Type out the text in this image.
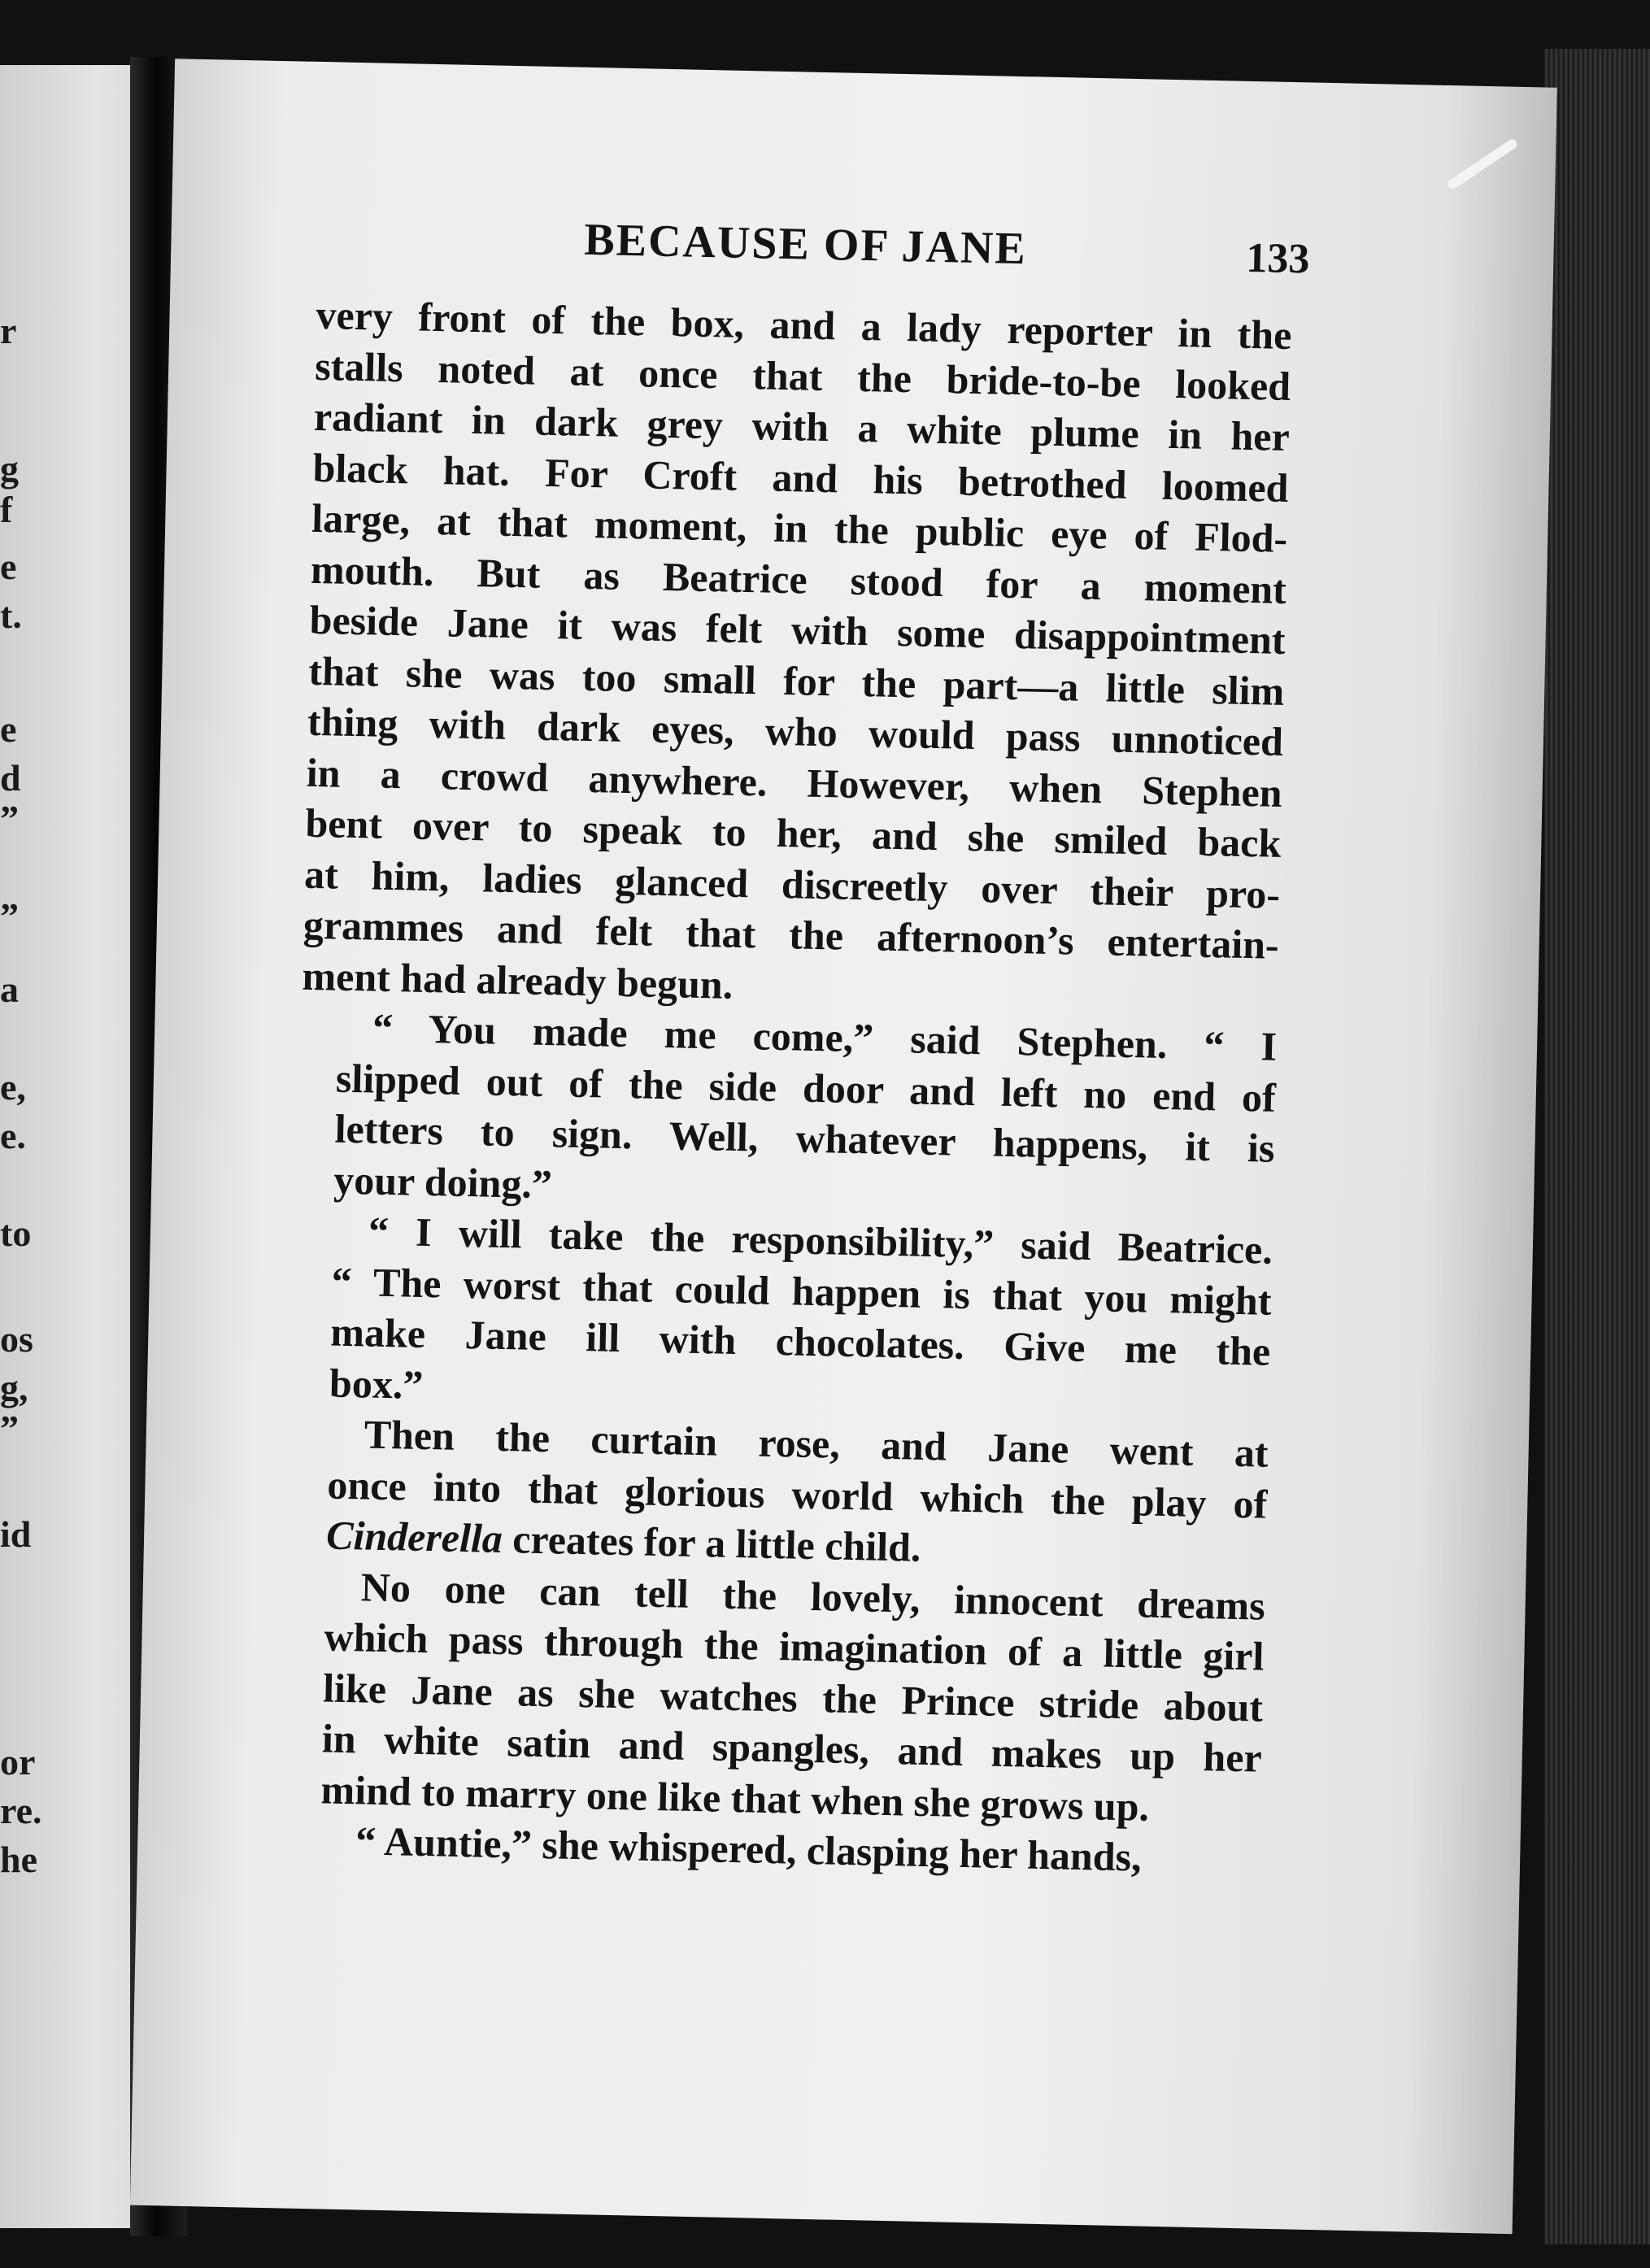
r
g
f
e
t.
e
d
”
”
a
e,
e.
to
os
g,
”
id
or
re.
he
BECAUSE OF JANE	133

very front of the box, and a lady reporter in the
stalls noted at once that the bride-to-be looked
radiant in dark grey with a white plume in her
black hat. For Croft and his betrothed loomed
large, at that moment, in the public eye of Flod-
mouth. But as Beatrice stood for a moment
beside Jane it was felt with some disappointment
that she was too small for the part—a little slim
thing with dark eyes, who would pass unnoticed
in a crowd anywhere. However, when Stephen
bent over to speak to her, and she smiled back
at him, ladies glanced discreetly over their pro-
grammes and felt that the afternoon’s entertain-
ment had already begun.

“ You made me come,” said Stephen. “ I
slipped out of the side door and left no end of
letters to sign. Well, whatever happens, it is
your doing.”

“ I will take the responsibility,” said Beatrice.
“ The worst that could happen is that you might
make Jane ill with chocolates. Give me the
box.”

Then the curtain rose, and Jane went at
once into that glorious world which the play of
Cinderella creates for a little child.

No one can tell the lovely, innocent dreams
which pass through the imagination of a little girl
like Jane as she watches the Prince stride about
in white satin and spangles, and makes up her
mind to marry one like that when she grows up.

“ Auntie,” she whispered, clasping her hands,
